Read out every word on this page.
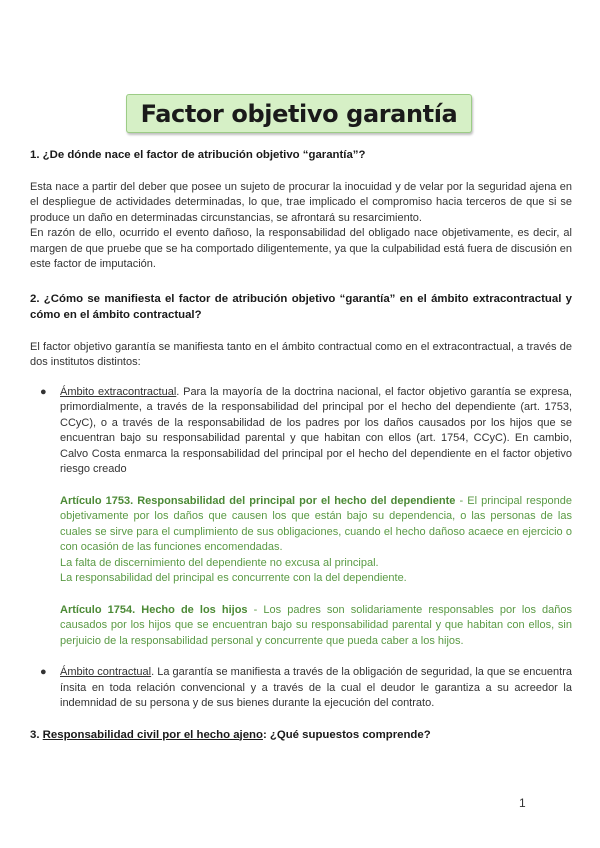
Factor objetivo garantía
1. ¿De dónde nace el factor de atribución objetivo “garantía”?

Esta nace a partir del deber que posee un sujeto de procurar la inocuidad y de velar por la seguridad ajena en el despliegue de actividades determinadas, lo que, trae implicado el compromiso hacia terceros de que si se produce un daño en determinadas circunstancias, se afrontará su resarcimiento.

En razón de ello, ocurrido el evento dañoso, la responsabilidad del obligado nace objetivamente, es decir, al margen de que pruebe que se ha comportado diligentemente, ya que la culpabilidad está fuera de discusión en este factor de imputación.

2. ¿Cómo se manifiesta el factor de atribución objetivo “garantía” en el ámbito extracontractual y cómo en el ámbito contractual?

El factor objetivo garantía se manifiesta tanto en el ámbito contractual como en el extracontractual, a través de dos institutos distintos:

● Ámbito extracontractual. Para la mayoría de la doctrina nacional, el factor objetivo garantía se expresa, primordialmente, a través de la responsabilidad del principal por el hecho del dependiente (art. 1753, CCyC), o a través de la responsabilidad de los padres por los daños causados por los hijos que se encuentran bajo su responsabilidad parental y que habitan con ellos (art. 1754, CCyC). En cambio, Calvo Costa enmarca la responsabilidad del principal por el hecho del dependiente en el factor objetivo riesgo creado

Artículo 1753. Responsabilidad del principal por el hecho del dependiente - El principal responde objetivamente por los daños que causen los que están bajo su dependencia, o las personas de las cuales se sirve para el cumplimiento de sus obligaciones, cuando el hecho dañoso acaece en ejercicio o con ocasión de las funciones encomendadas.

La falta de discernimiento del dependiente no excusa al principal.

La responsabilidad del principal es concurrente con la del dependiente.

Artículo 1754. Hecho de los hijos - Los padres son solidariamente responsables por los daños causados por los hijos que se encuentran bajo su responsabilidad parental y que habitan con ellos, sin perjuicio de la responsabilidad personal y concurrente que pueda caber a los hijos.

● Ámbito contractual. La garantía se manifiesta a través de la obligación de seguridad, la que se encuentra ínsita en toda relación convencional y a través de la cual el deudor le garantiza a su acreedor la indemnidad de su persona y de sus bienes durante la ejecución del contrato.

3. Responsabilidad civil por el hecho ajeno: ¿Qué supuestos comprende?
1
